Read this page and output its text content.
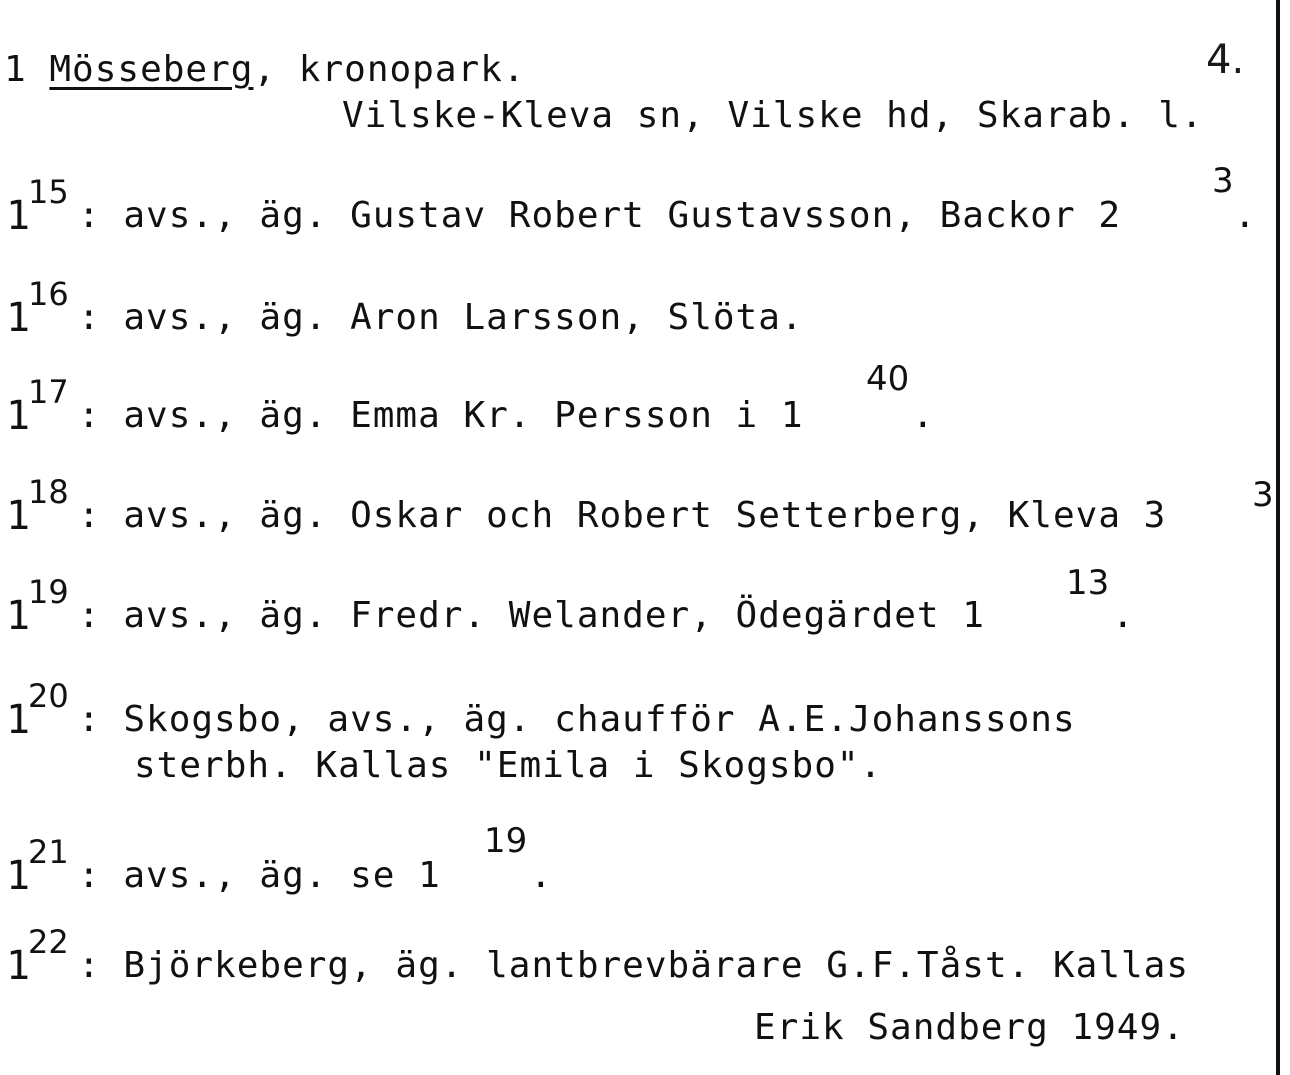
1 Mösseberg, kronopark.	4.
Vilske-Kleva sn, Vilske hd, Skarab. l.
1
15
: avs., äg. Gustav Robert Gustavsson, Backor 2
3
.
1
16
: avs., äg. Aron Larsson, Slöta.
1
17
: avs., äg. Emma Kr. Persson i 1
40
.
1
18
: avs., äg. Oskar och Robert Setterberg, Kleva 3	3
1
19
: avs., äg. Fredr. Welander, Ödegärdet 1
13
.
1
20
: Skogsbo, avs., äg. chaufför A.E.Johanssons
sterbh. Kallas "Emila i Skogsbo".
1
21
: avs., äg. se 1
19
.
1
22
: Björkeberg, äg. lantbrevbärare G.F.Tåst. Kallas
Erik Sandberg 1949.
